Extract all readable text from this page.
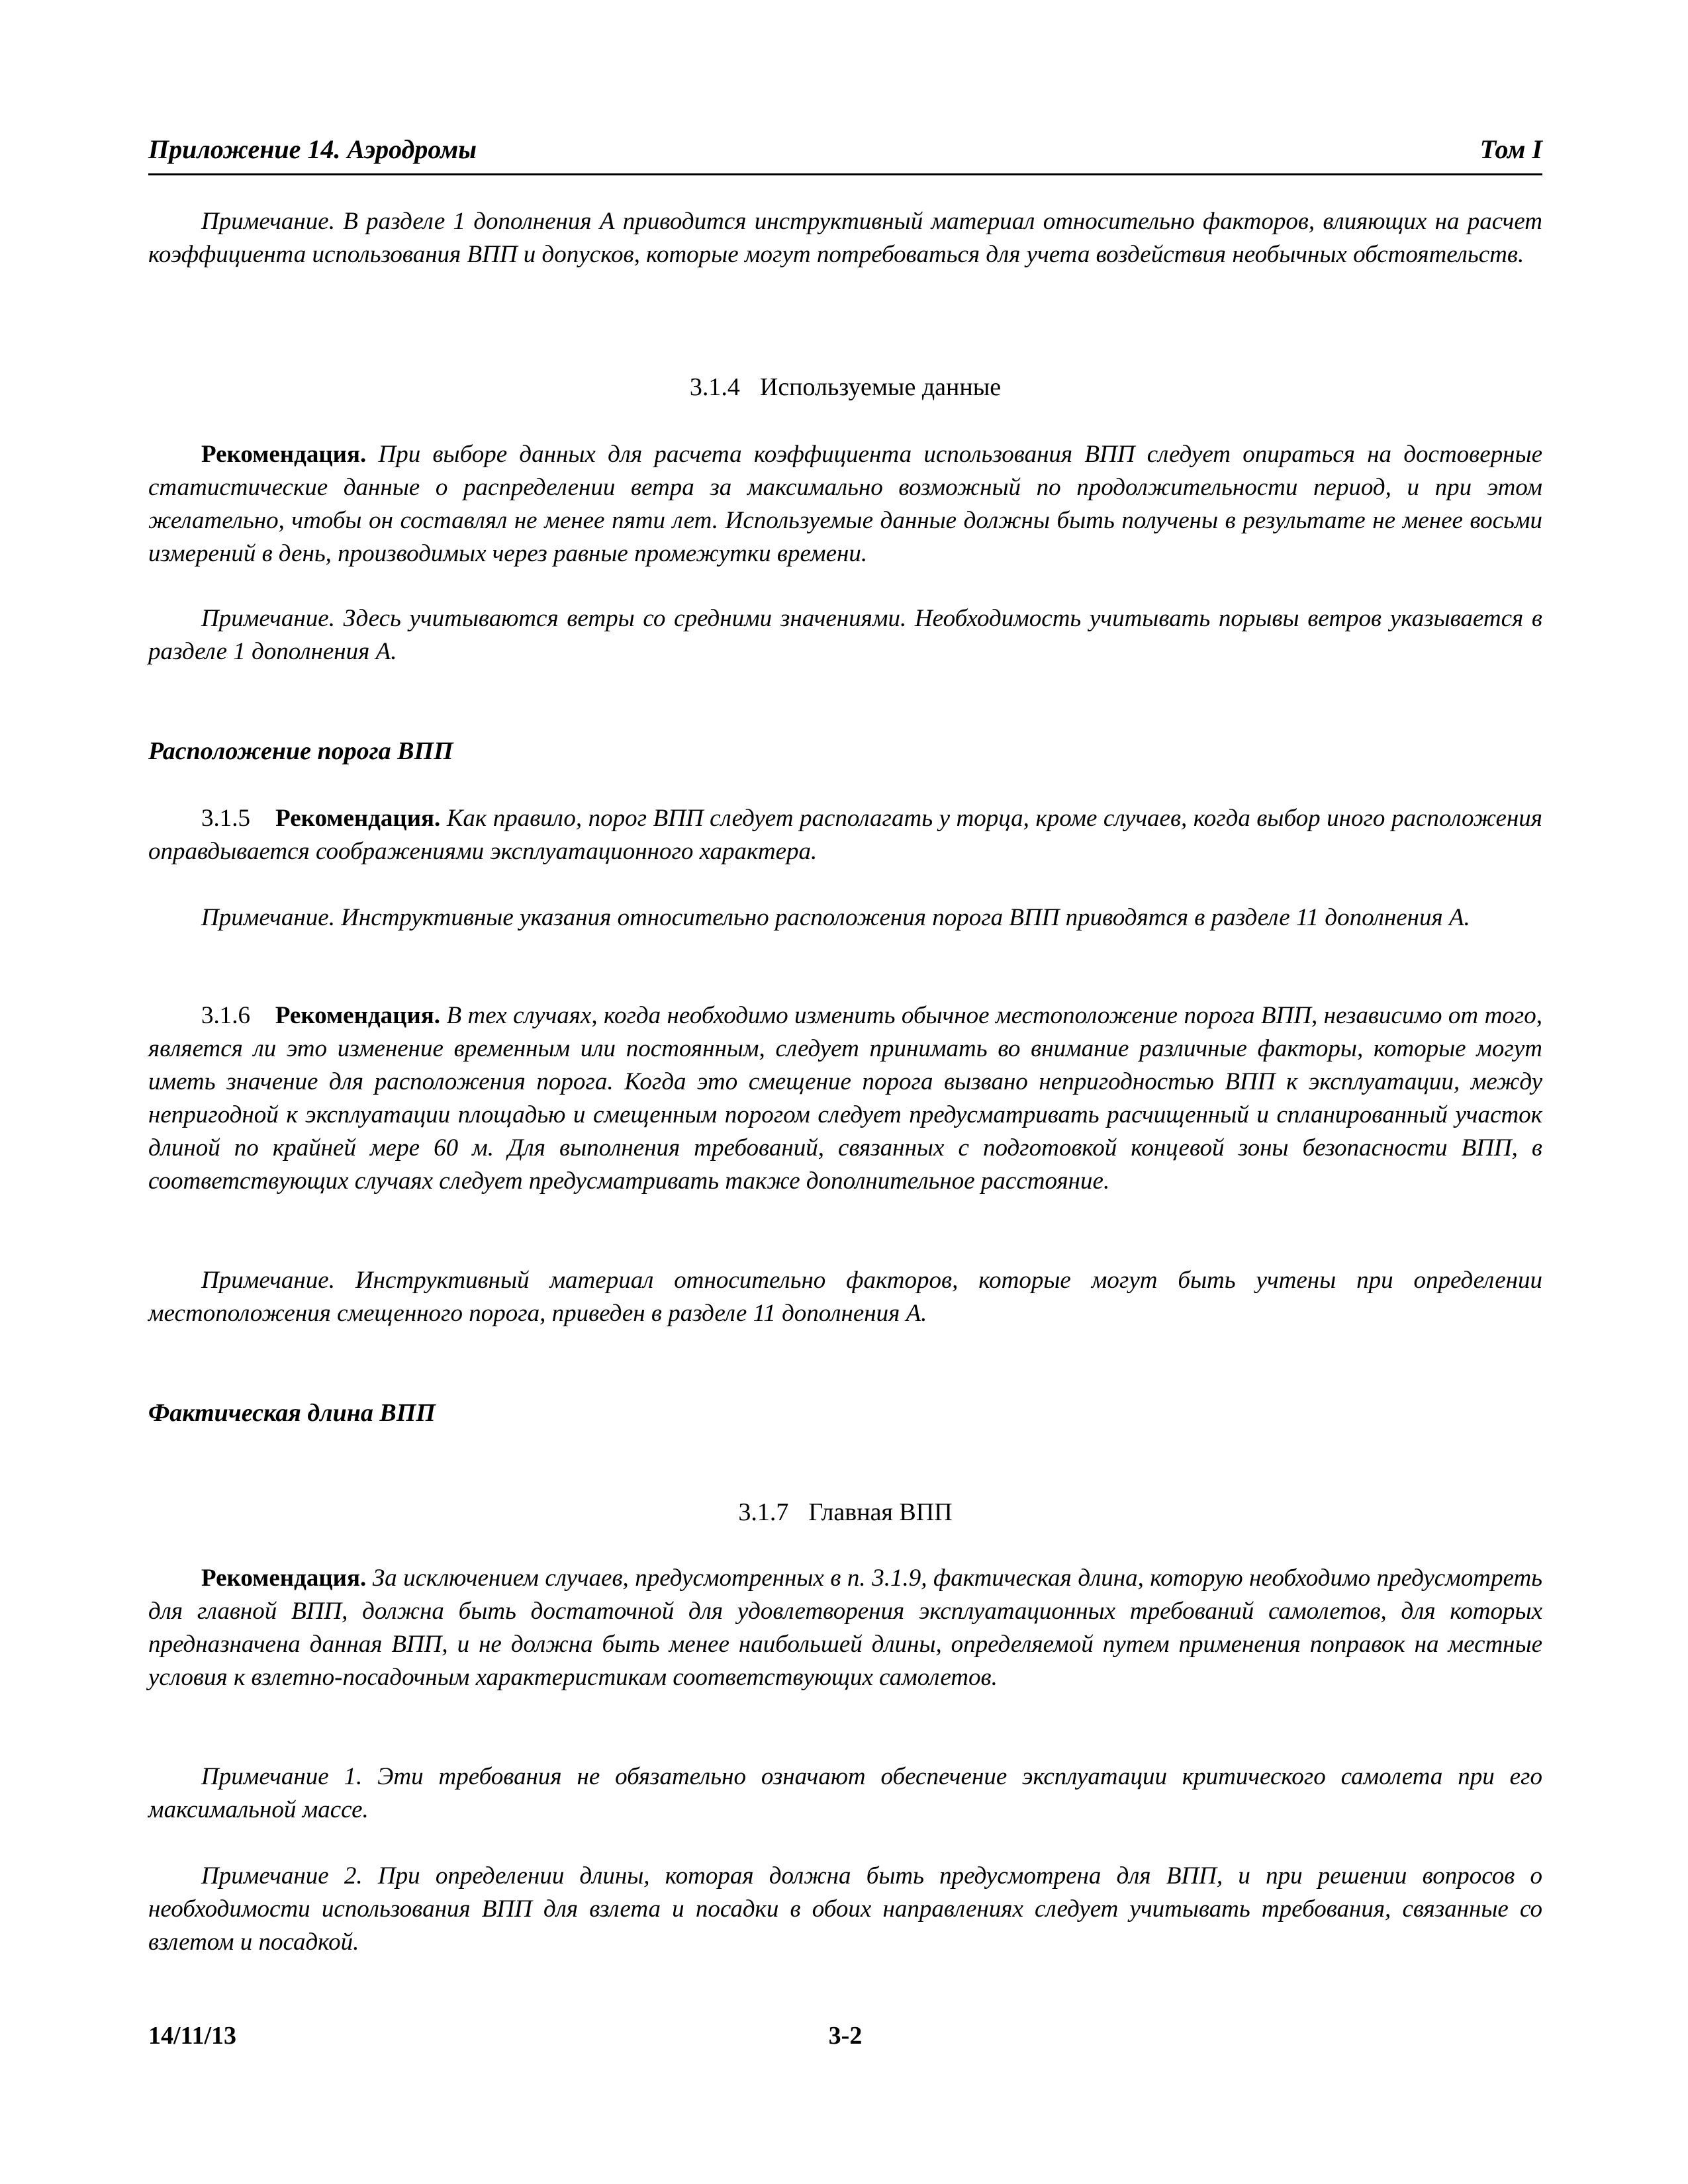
Приложение 14. Аэродромы	Том I
Примечание. В разделе 1 дополнения А приводится инструктивный материал относительно факторов, влияющих на расчет коэффициента использования ВПП и допусков, которые могут потребоваться для учета воздействия необычных обстоятельств.
3.1.4 Используемые данные
Рекомендация. При выборе данных для расчета коэффициента использования ВПП следует опираться на достоверные статистические данные о распределении ветра за максимально возможный по продолжительности период, и при этом желательно, чтобы он составлял не менее пяти лет. Используемые данные должны быть получены в результате не менее восьми измерений в день, производимых через равные промежутки времени.
Примечание. Здесь учитываются ветры со средними значениями. Необходимость учитывать порывы ветров указывается в разделе 1 дополнения А.
Расположение порога ВПП
3.1.5 Рекомендация. Как правило, порог ВПП следует располагать у торца, кроме случаев, когда выбор иного расположения оправдывается соображениями эксплуатационного характера.
Примечание. Инструктивные указания относительно расположения порога ВПП приводятся в разделе 11 дополнения А.
3.1.6 Рекомендация. В тех случаях, когда необходимо изменить обычное местоположение порога ВПП, независимо от того, является ли это изменение временным или постоянным, следует принимать во внимание различные факторы, которые могут иметь значение для расположения порога. Когда это смещение порога вызвано непригодностью ВПП к эксплуатации, между непригодной к эксплуатации площадью и смещенным порогом следует предусматривать расчищенный и спланированный участок длиной по крайней мере 60 м. Для выполнения требований, связанных с подготовкой концевой зоны безопасности ВПП, в соответствующих случаях следует предусматривать также дополнительное расстояние.
Примечание. Инструктивный материал относительно факторов, которые могут быть учтены при определении местоположения смещенного порога, приведен в разделе 11 дополнения А.
Фактическая длина ВПП
3.1.7 Главная ВПП
Рекомендация. За исключением случаев, предусмотренных в п. 3.1.9, фактическая длина, которую необходимо предусмотреть для главной ВПП, должна быть достаточной для удовлетворения эксплуатационных требований самолетов, для которых предназначена данная ВПП, и не должна быть менее наибольшей длины, определяемой путем применения поправок на местные условия к взлетно-посадочным характеристикам соответствующих самолетов.
Примечание 1. Эти требования не обязательно означают обеспечение эксплуатации критического самолета при его максимальной массе.
Примечание 2. При определении длины, которая должна быть предусмотрена для ВПП, и при решении вопросов о необходимости использования ВПП для взлета и посадки в обоих направлениях следует учитывать требования, связанные со взлетом и посадкой.
3-2
14/11/13
